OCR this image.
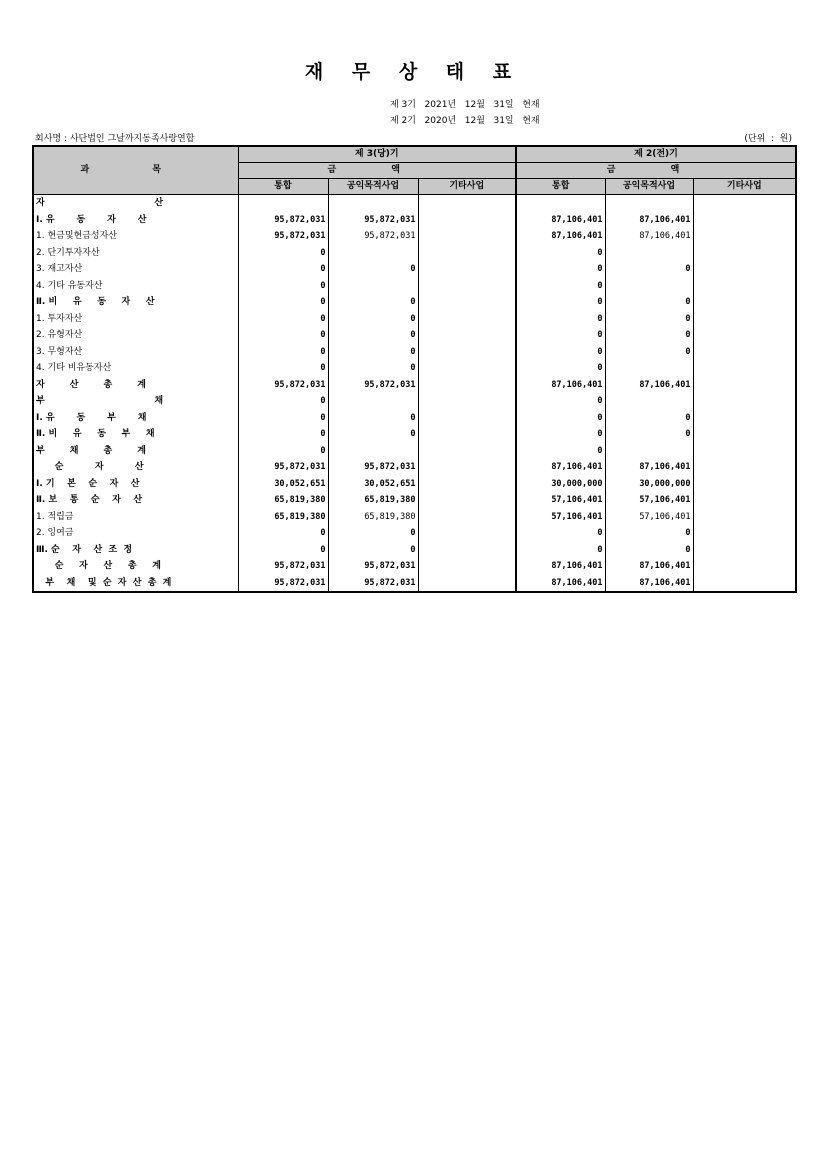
재 무 상 태 표
제 3기   2021년   12월   31일   현재
제 2기   2020년   12월   31일   현재
회사명 : 사단법인 그날까지동족사랑연합	(단위  :  원)
과 목	제 3(당)기			제 2(전)기		
	금 액			금 액		
	통합	공익목적사업	기타사업	통합	공익목적사업	기타사업
자                                   산						
Ⅰ. 유       동       자       산	95,872,031	95,872,031		87,106,401	87,106,401	
1. 현금및현금성자산	95,872,031	95,872,031		87,106,401	87,106,401	
2. 단기투자자산	0			0		
3. 재고자산	0	0		0	0	
4. 기타 유동자산	0			0		
Ⅱ. 비     유     동     자     산	0	0		0	0	
1. 투자자산	0	0		0	0	
2. 유형자산	0	0		0	0	
3. 무형자산	0	0		0	0	
4. 기타 비유동자산	0	0		0		
자        산        총        계	95,872,031	95,872,031		87,106,401	87,106,401	
부                                   채	0			0		
Ⅰ. 유       동       부       채	0	0		0	0	
Ⅱ. 비     유     동     부     채	0	0		0	0	
부        채        총        계	0			0		
순          자          산	95,872,031	95,872,031		87,106,401	87,106,401	
Ⅰ. 기    본    순    자    산	30,052,651	30,052,651		30,000,000	30,000,000	
Ⅱ. 보    통    순    자    산	65,819,380	65,819,380		57,106,401	57,106,401	
1. 적립금	65,819,380	65,819,380		57,106,401	57,106,401	
2. 잉여금	0	0		0	0	
Ⅲ. 순    자    산  조  정	0	0		0	0	
순     자     산     총     계	95,872,031	95,872,031		87,106,401	87,106,401	
부    채    및  순  자  산  총  계	95,872,031	95,872,031		87,106,401	87,106,401	
